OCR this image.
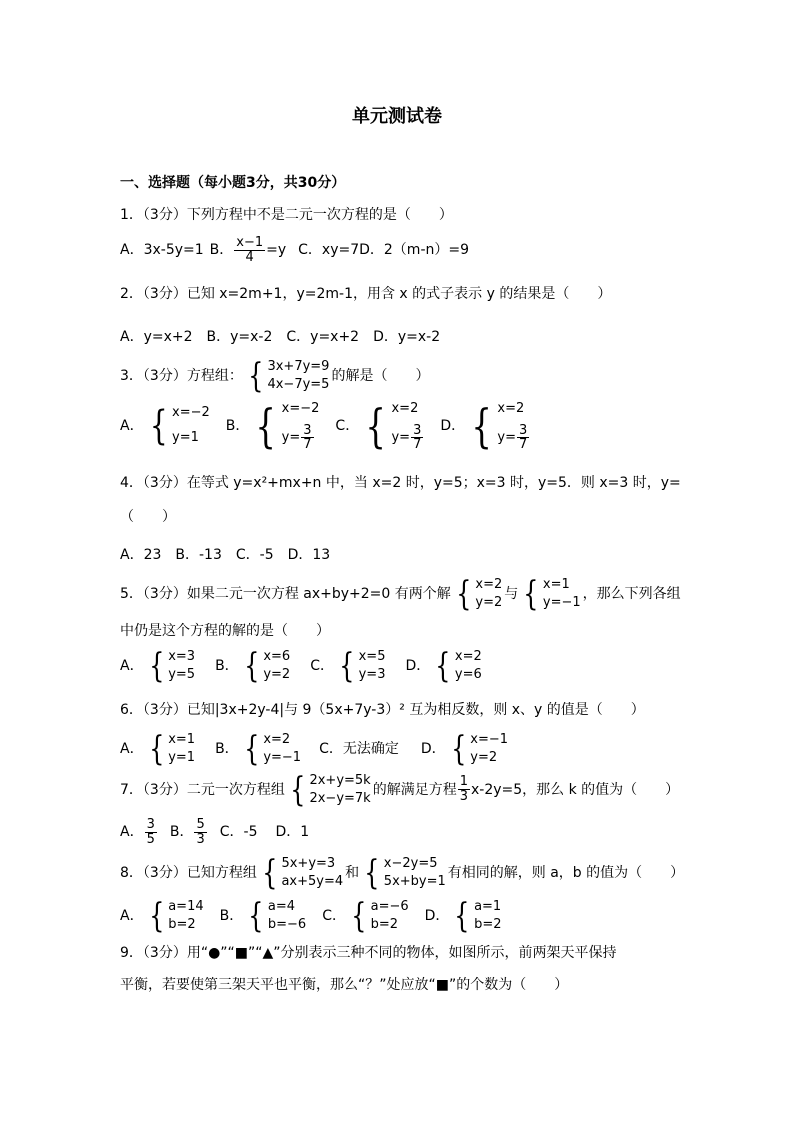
单元测试卷
一、选择题（每小题3分，共30分）
1．（3分）下列方程中不是二元一次方程的是（　　）
A．3x-5y=1 B． $\frac{x-1}{4} =y$ C．xy=7 D．2（m-n）=9
2．（3分）已知 x=2m+1，y=2m-1，用含 x 的式子表示 y 的结果是（　　）
A．y=x+2　B．y=x-2　C．y=x+2　D．y=x-2
3．（3分）方程组： { 3x+7y=9
4x−7y=5
的解是（　　）
A． { x=−2
y=1
B． { x=−2
$y= \frac{3}{7}$ C． { x=2
$y= \frac{3}{7}$ D． { x=2
$y= \frac{3}{7}$
4．（3分）在等式 y=x²+mx+n 中，当 x=2 时，y=5；x=3 时，y=5．则 x=3 时，y=
（　　）
A．23　B．-13　C．-5　D．13
5．（3分）如果二元一次方程 ax+by+2=0 有两个解 { x=2
y=2
与 { x=1
y=−1
，那么下列各组
中仍是这个方程的解的是（　　）
A． { x=3
y=5
B． { x=6
y=2
C． { x=5
y=3
D． { x=2
y=6
6．（3分）已知|3x+2y-4|与 9（5x+7y-3）² 互为相反数，则 x、y 的值是（　　）
A． { x=1
y=1
B． { x=2
y=−1
C．无法确定 D． { x=−1
y=2
7．（3分）二元一次方程组 { 2x+y=5k
2x−y=7k
的解满足方程 $\frac{1}{3} x-2y=5$，那么 k 的值为（　　）
A． $\frac{3}{5}$ B． $\frac{5}{3}$ C．-5 D．1
8．（3分）已知方程组 { 5x+y=3
ax+5y=4
和 { x−2y=5
5x+by=1
有相同的解，则 a，b 的值为（　　）
A． { a=14
b=2
B． { a=4
b=−6
C． { a=−6
b=2
D． { a=1
b=2
9．（3分）用“●”“■”“▲”分别表示三种不同的物体，如图所示，前两架天平保持
平衡，若要使第三架天平也平衡，那么“？”处应放“■”的个数为（　　）
